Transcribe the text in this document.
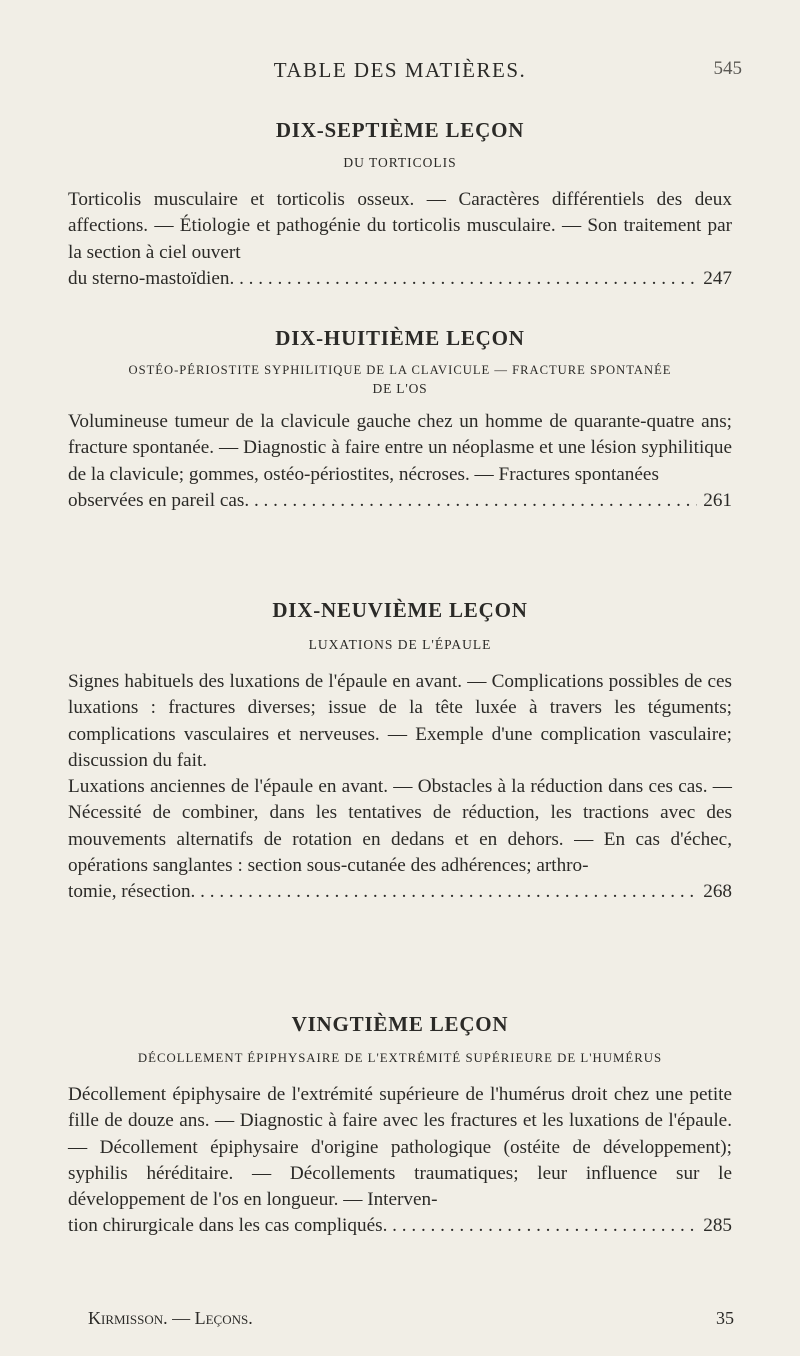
TABLE DES MATIÈRES.	545
DIX-SEPTIÈME LEÇON
DU TORTICOLIS
Torticolis musculaire et torticolis osseux. — Caractères différentiels des deux affections. — Étiologie et pathogénie du torticolis musculaire. — Son traitement par la section à ciel ouvert
du sterno-mastoïdien . . .	247
DIX-HUITIÈME LEÇON
OSTÉO-PÉRIOSTITE SYPHILITIQUE DE LA CLAVICULE — FRACTURE SPONTANÉE
DE L'OS
Volumineuse tumeur de la clavicule gauche chez un homme de quarante-quatre ans; fracture spontanée. — Diagnostic à faire entre un néoplasme et une lésion syphilitique de la clavicule; gommes, ostéo-périostites, nécroses. — Fractures spontanées
observées en pareil cas . . .	261
DIX-NEUVIÈME LEÇON
LUXATIONS DE L'ÉPAULE
Signes habituels des luxations de l'épaule en avant. — Complications possibles de ces luxations : fractures diverses; issue de la tête luxée à travers les téguments; complications vasculaires et nerveuses. — Exemple d'une complication vasculaire; discussion du fait.
Luxations anciennes de l'épaule en avant. — Obstacles à la réduction dans ces cas. — Nécessité de combiner, dans les tentatives de réduction, les tractions avec des mouvements alternatifs de rotation en dedans et en dehors. — En cas d'échec, opérations sanglantes : section sous-cutanée des adhérences; arthro-
tomie, résection . . .	268
VINGTIÈME LEÇON
DÉCOLLEMENT ÉPIPHYSAIRE DE L'EXTRÉMITÉ SUPÉRIEURE DE L'HUMÉRUS
Décollement épiphysaire de l'extrémité supérieure de l'humérus droit chez une petite fille de douze ans. — Diagnostic à faire avec les fractures et les luxations de l'épaule. — Décollement épiphysaire d'origine pathologique (ostéite de développement); syphilis héréditaire. — Décollements traumatiques; leur influence sur le développement de l'os en longueur. — Interven-
tion chirurgicale dans les cas compliqués . . .	285
Kirmisson. — Leçons.	35
